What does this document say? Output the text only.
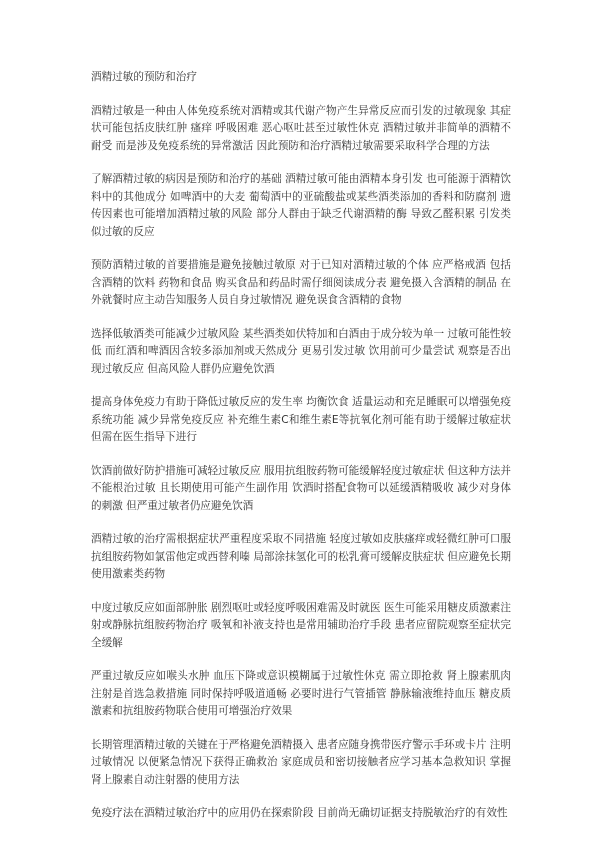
酒精过敏的预防和治疗

酒精过敏是一种由人体免疫系统对酒精或其代谢产物产生异常反应而引发的过敏现象 其症状可能包括皮肤红肿 瘙痒 呼吸困难 恶心呕吐甚至过敏性休克 酒精过敏并非简单的酒精不耐受 而是涉及免疫系统的异常激活 因此预防和治疗酒精过敏需要采取科学合理的方法

了解酒精过敏的病因是预防和治疗的基础 酒精过敏可能由酒精本身引发 也可能源于酒精饮料中的其他成分 如啤酒中的大麦 葡萄酒中的亚硫酸盐或某些酒类添加的香料和防腐剂 遗传因素也可能增加酒精过敏的风险 部分人群由于缺乏代谢酒精的酶 导致乙醛积累 引发类似过敏的反应

预防酒精过敏的首要措施是避免接触过敏原 对于已知对酒精过敏的个体 应严格戒酒 包括含酒精的饮料 药物和食品 购买食品和药品时需仔细阅读成分表 避免摄入含酒精的制品 在外就餐时应主动告知服务人员自身过敏情况 避免误食含酒精的食物

选择低敏酒类可能减少过敏风险 某些酒类如伏特加和白酒由于成分较为单一 过敏可能性较低 而红酒和啤酒因含较多添加剂或天然成分 更易引发过敏 饮用前可少量尝试 观察是否出现过敏反应 但高风险人群仍应避免饮酒

提高身体免疫力有助于降低过敏反应的发生率 均衡饮食 适量运动和充足睡眠可以增强免疫系统功能 减少异常免疫反应 补充维生素C和维生素E等抗氧化剂可能有助于缓解过敏症状 但需在医生指导下进行

饮酒前做好防护措施可减轻过敏反应 服用抗组胺药物可能缓解轻度过敏症状 但这种方法并不能根治过敏 且长期使用可能产生副作用 饮酒时搭配食物可以延缓酒精吸收 减少对身体的刺激 但严重过敏者仍应避免饮酒

酒精过敏的治疗需根据症状严重程度采取不同措施 轻度过敏如皮肤瘙痒或轻微红肿可口服抗组胺药物如氯雷他定或西替利嗪 局部涂抹氢化可的松乳膏可缓解皮肤症状 但应避免长期使用激素类药物

中度过敏反应如面部肿胀 剧烈呕吐或轻度呼吸困难需及时就医 医生可能采用糖皮质激素注射或静脉抗组胺药物治疗 吸氧和补液支持也是常用辅助治疗手段 患者应留院观察至症状完全缓解

严重过敏反应如喉头水肿 血压下降或意识模糊属于过敏性休克 需立即抢救 肾上腺素肌肉注射是首选急救措施 同时保持呼吸道通畅 必要时进行气管插管 静脉输液维持血压 糖皮质激素和抗组胺药物联合使用可增强治疗效果

长期管理酒精过敏的关键在于严格避免酒精摄入 患者应随身携带医疗警示手环或卡片 注明过敏情况 以便紧急情况下获得正确救治 家庭成员和密切接触者应学习基本急救知识 掌握肾上腺素自动注射器的使用方法

免疫疗法在酒精过敏治疗中的应用仍在探索阶段 目前尚无确切证据支持脱敏治疗的有效性
